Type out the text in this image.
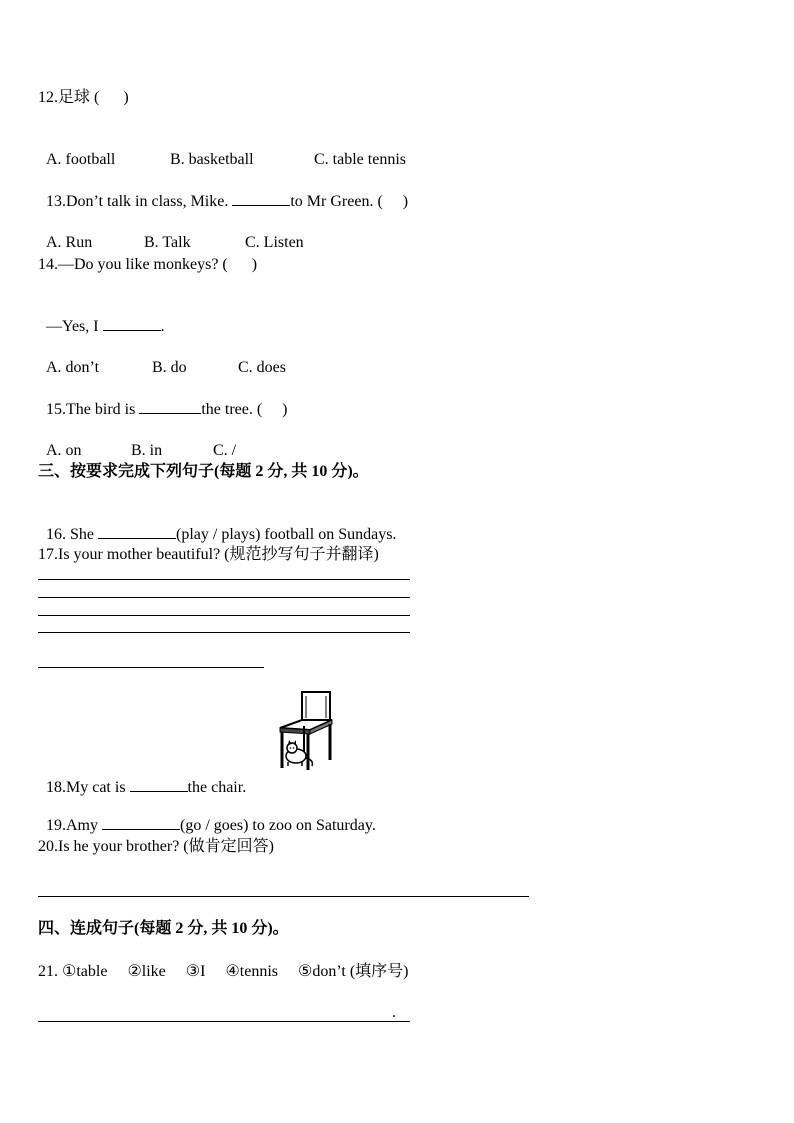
12.足球 (      )

A. football	B. basketball	C. table tennis

13.Don’t talk in class, Mike.	to Mr Green. (     )

A. Run	B. Talk	C. Listen

14.—Do you like monkeys? (      )

—Yes, I	.

A. don’t	B. do	C. does

15.The bird is	the tree. (     )

A. on	B. in	C. /

三、按要求完成下列句子(每题 2 分, 共 10 分)。

16. She	(play / plays) football on Sundays.

17.Is your mother beautiful? (规范抄写句子并翻译)

18.My cat is	the chair.

19.Amy	(go / goes) to zoo on Saturday.

20.Is he your brother? (做肯定回答)
四、连成句子(每题 2 分, 共 10 分)。
21. ①table     ②like     ③I     ④tennis     ⑤don’t (填序号)
.
